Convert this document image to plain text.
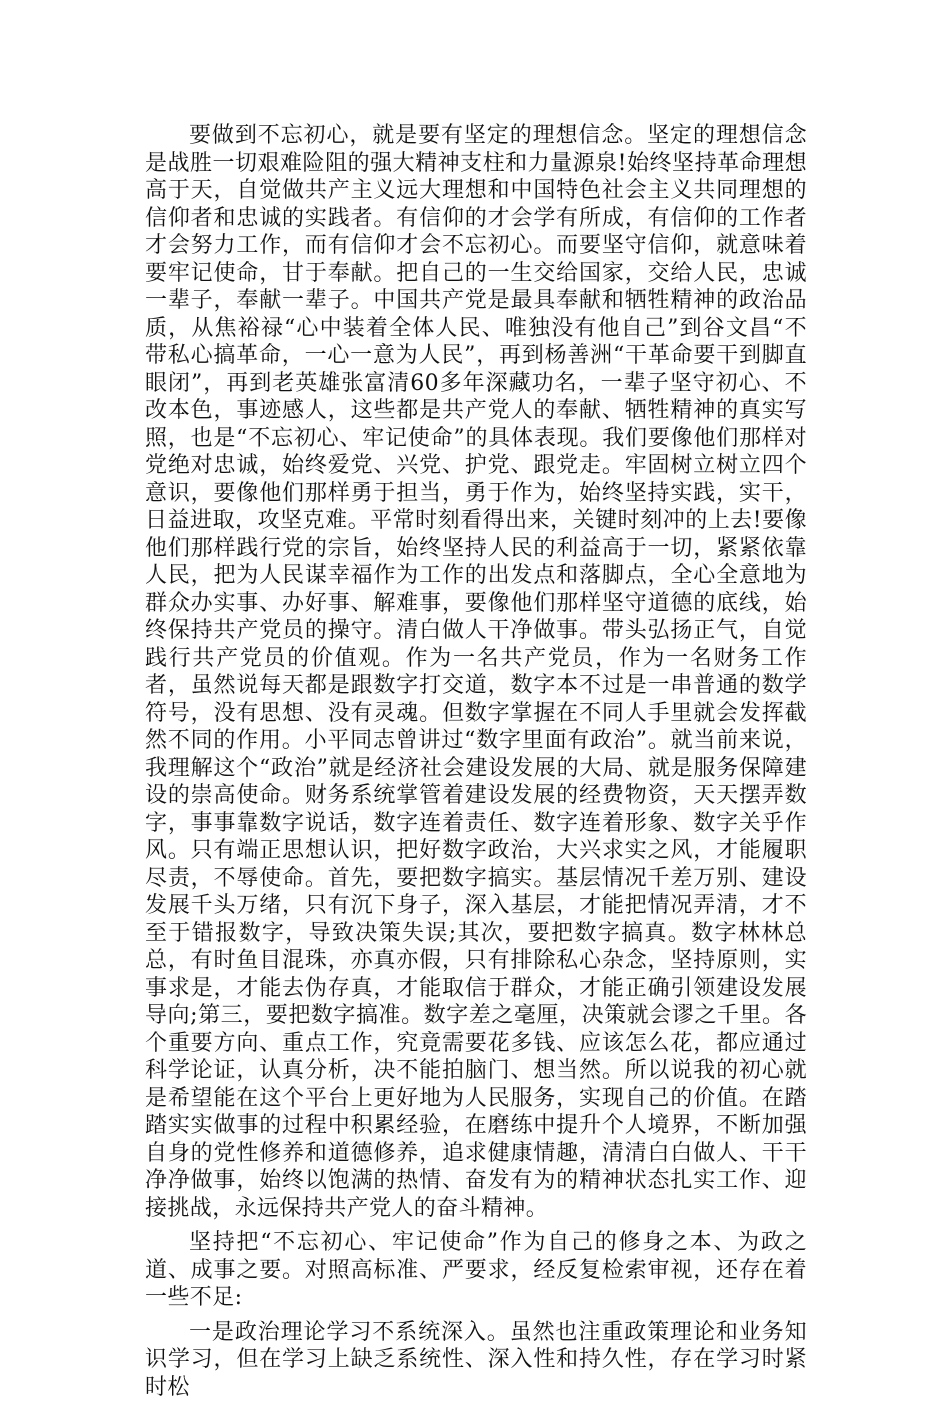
要做到不忘初心，就是要有坚定的理想信念。坚定的理想信念是战胜一切艰难险阻的强大精神支柱和力量源泉!始终坚持革命理想高于天，自觉做共产主义远大理想和中国特色社会主义共同理想的信仰者和忠诚的实践者。有信仰的才会学有所成，有信仰的工作者才会努力工作，而有信仰才会不忘初心。而要坚守信仰，就意味着要牢记使命，甘于奉献。把自己的一生交给国家，交给人民，忠诚一辈子，奉献一辈子。中国共产党是最具奉献和牺牲精神的政治品质，从焦裕禄“心中装着全体人民、唯独没有他自己”到谷文昌“不带私心搞革命，一心一意为人民”，再到杨善洲“干革命要干到脚直眼闭”，再到老英雄张富清60多年深藏功名，一辈子坚守初心、不改本色，事迹感人，这些都是共产党人的奉献、牺牲精神的真实写照，也是“不忘初心、牢记使命”的具体表现。我们要像他们那样对党绝对忠诚，始终爱党、兴党、护党、跟党走。牢固树立树立四个意识，要像他们那样勇于担当，勇于作为，始终坚持实践，实干，日益进取，攻坚克难。平常时刻看得出来，关键时刻冲的上去!要像他们那样践行党的宗旨，始终坚持人民的利益高于一切，紧紧依靠人民，把为人民谋幸福作为工作的出发点和落脚点，全心全意地为群众办实事、办好事、解难事，要像他们那样坚守道德的底线，始终保持共产党员的操守。清白做人干净做事。带头弘扬正气，自觉践行共产党员的价值观。作为一名共产党员，作为一名财务工作者，虽然说每天都是跟数字打交道，数字本不过是一串普通的数学符号，没有思想、没有灵魂。但数字掌握在不同人手里就会发挥截然不同的作用。小平同志曾讲过“数字里面有政治”。就当前来说，我理解这个“政治”就是经济社会建设发展的大局、就是服务保障建设的崇高使命。财务系统掌管着建设发展的经费物资，天天摆弄数字，事事靠数字说话，数字连着责任、数字连着形象、数字关乎作风。只有端正思想认识，把好数字政治，大兴求实之风，才能履职尽责，不辱使命。首先，要把数字搞实。基层情况千差万别、建设发展千头万绪，只有沉下身子，深入基层，才能把情况弄清，才不至于错报数字，导致决策失误;其次，要把数字搞真。数字林林总总，有时鱼目混珠，亦真亦假，只有排除私心杂念，坚持原则，实事求是，才能去伪存真，才能取信于群众，才能正确引领建设发展导向;第三，要把数字搞准。数字差之毫厘，决策就会谬之千里。各个重要方向、重点工作，究竟需要花多钱、应该怎么花，都应通过科学论证，认真分析，决不能拍脑门、想当然。所以说我的初心就是希望能在这个平台上更好地为人民服务，实现自己的价值。在踏踏实实做事的过程中积累经验，在磨练中提升个人境界，不断加强自身的党性修养和道德修养，追求健康情趣，清清白白做人、干干净净做事，始终以饱满的热情、奋发有为的精神状态扎实工作、迎接挑战，永远保持共产党人的奋斗精神。

坚持把“不忘初心、牢记使命”作为自己的修身之本、为政之道、成事之要。对照高标准、严要求，经反复检索审视，还存在着一些不足:

一是政治理论学习不系统深入。虽然也注重政策理论和业务知识学习，但在学习上缺乏系统性、深入性和持久性，存在学习时紧时松
